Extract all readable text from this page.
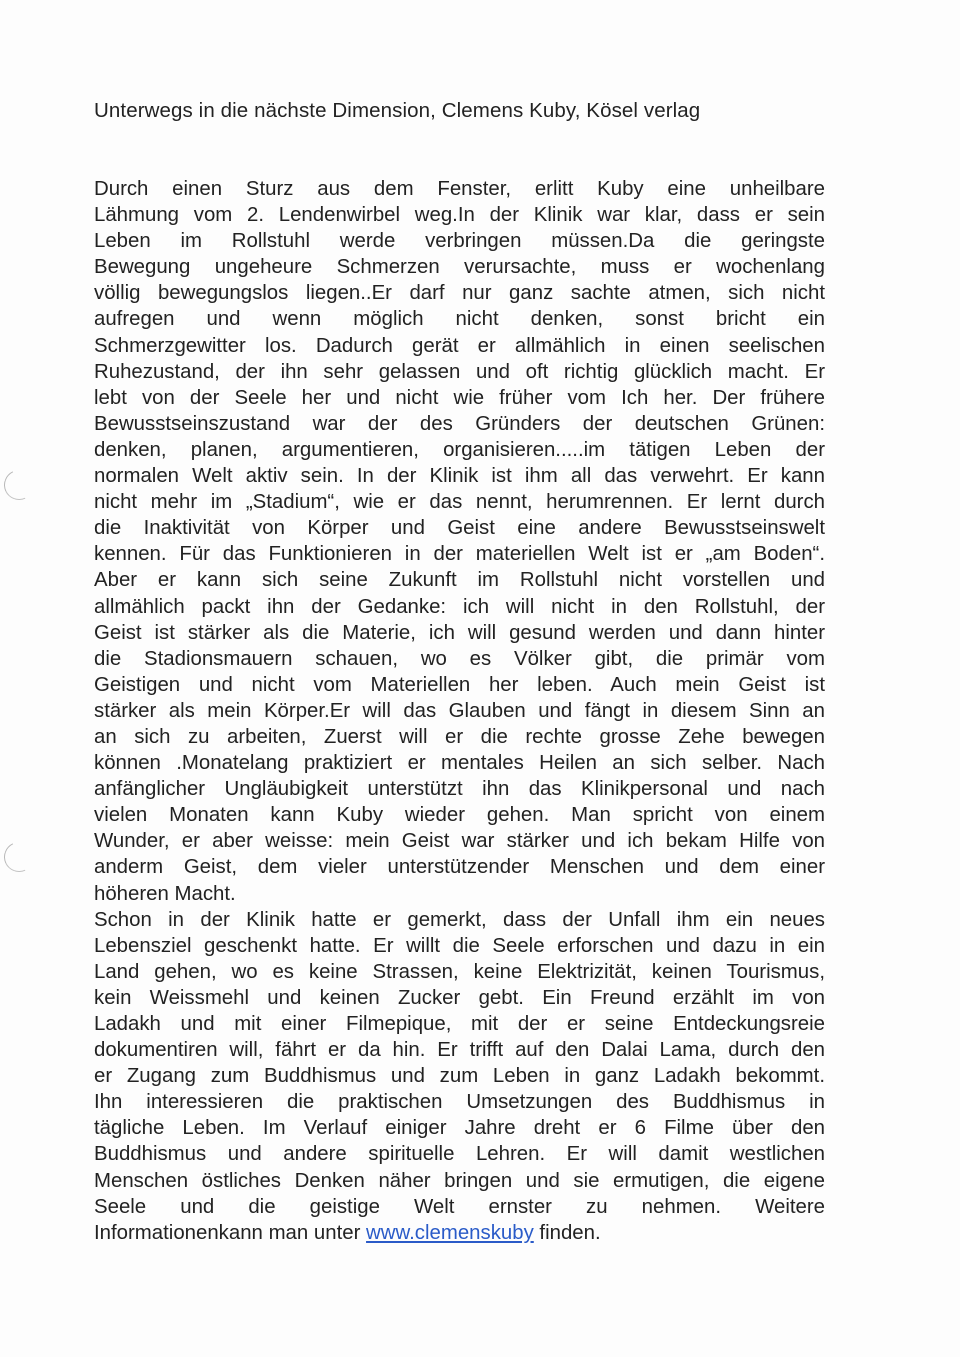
Unterwegs in die nächste Dimension, Clemens Kuby, Kösel verlag
Durch einen Sturz aus dem Fenster, erlitt Kuby eine unheilbare
Lähmung vom 2. Lendenwirbel weg.In der Klinik war klar, dass er sein
Leben im Rollstuhl werde verbringen müssen.Da die geringste
Bewegung ungeheure Schmerzen verursachte, muss er wochenlang
völlig bewegungslos liegen..Er darf nur ganz sachte atmen, sich nicht
aufregen und wenn möglich nicht denken, sonst bricht ein
Schmerzgewitter los. Dadurch gerät er allmählich in einen seelischen
Ruhezustand, der ihn sehr gelassen und oft richtig glücklich macht. Er
lebt von der Seele her und nicht wie früher vom Ich her. Der frühere
Bewusstseinszustand war der des Gründers der deutschen Grünen:
denken, planen, argumentieren, organisieren.....im tätigen Leben der
normalen Welt aktiv sein. In der Klinik ist ihm all das verwehrt. Er kann
nicht mehr im „Stadium“, wie er das nennt, herumrennen. Er lernt durch
die Inaktivität von Körper und Geist eine andere Bewusstseinswelt
kennen. Für das Funktionieren in der materiellen Welt ist er „am Boden“.
Aber er kann sich seine Zukunft im Rollstuhl nicht vorstellen und
allmählich packt ihn der Gedanke: ich will nicht in den Rollstuhl, der
Geist ist stärker als die Materie, ich will gesund werden und dann hinter
die Stadionsmauern schauen, wo es Völker gibt, die primär vom
Geistigen und nicht vom Materiellen her leben. Auch mein Geist ist
stärker als mein Körper.Er will das Glauben und fängt in diesem Sinn an
an sich zu arbeiten, Zuerst will er die rechte grosse Zehe bewegen
können .Monatelang praktiziert er mentales Heilen an sich selber. Nach
anfänglicher Ungläubigkeit unterstützt ihn das Klinikpersonal und nach
vielen Monaten kann Kuby wieder gehen. Man spricht von einem
Wunder, er aber weisse: mein Geist war stärker und ich bekam Hilfe von
anderm Geist, dem vieler unterstützender Menschen und dem einer
höheren Macht.
Schon in der Klinik hatte er gemerkt, dass der Unfall ihm ein neues
Lebensziel geschenkt hatte. Er willt die Seele erforschen und dazu in ein
Land gehen, wo es keine Strassen, keine Elektrizität, keinen Tourismus,
kein Weissmehl und keinen Zucker gebt. Ein Freund erzählt im von
Ladakh und mit einer Filmepique, mit der er seine Entdeckungsreie
dokumentiren will, fährt er da hin. Er trifft auf den Dalai Lama, durch den
er Zugang zum Buddhismus und zum Leben in ganz Ladakh bekommt.
Ihn interessieren die praktischen Umsetzungen des Buddhismus in
tägliche Leben. Im Verlauf einiger Jahre dreht er 6 Filme über den
Buddhismus und andere spirituelle Lehren. Er will damit westlichen
Menschen östliches Denken näher bringen und sie ermutigen, die eigene
Seele und die geistige Welt ernster zu nehmen. Weitere
Informationenkann man unter www.clemenskuby finden.
